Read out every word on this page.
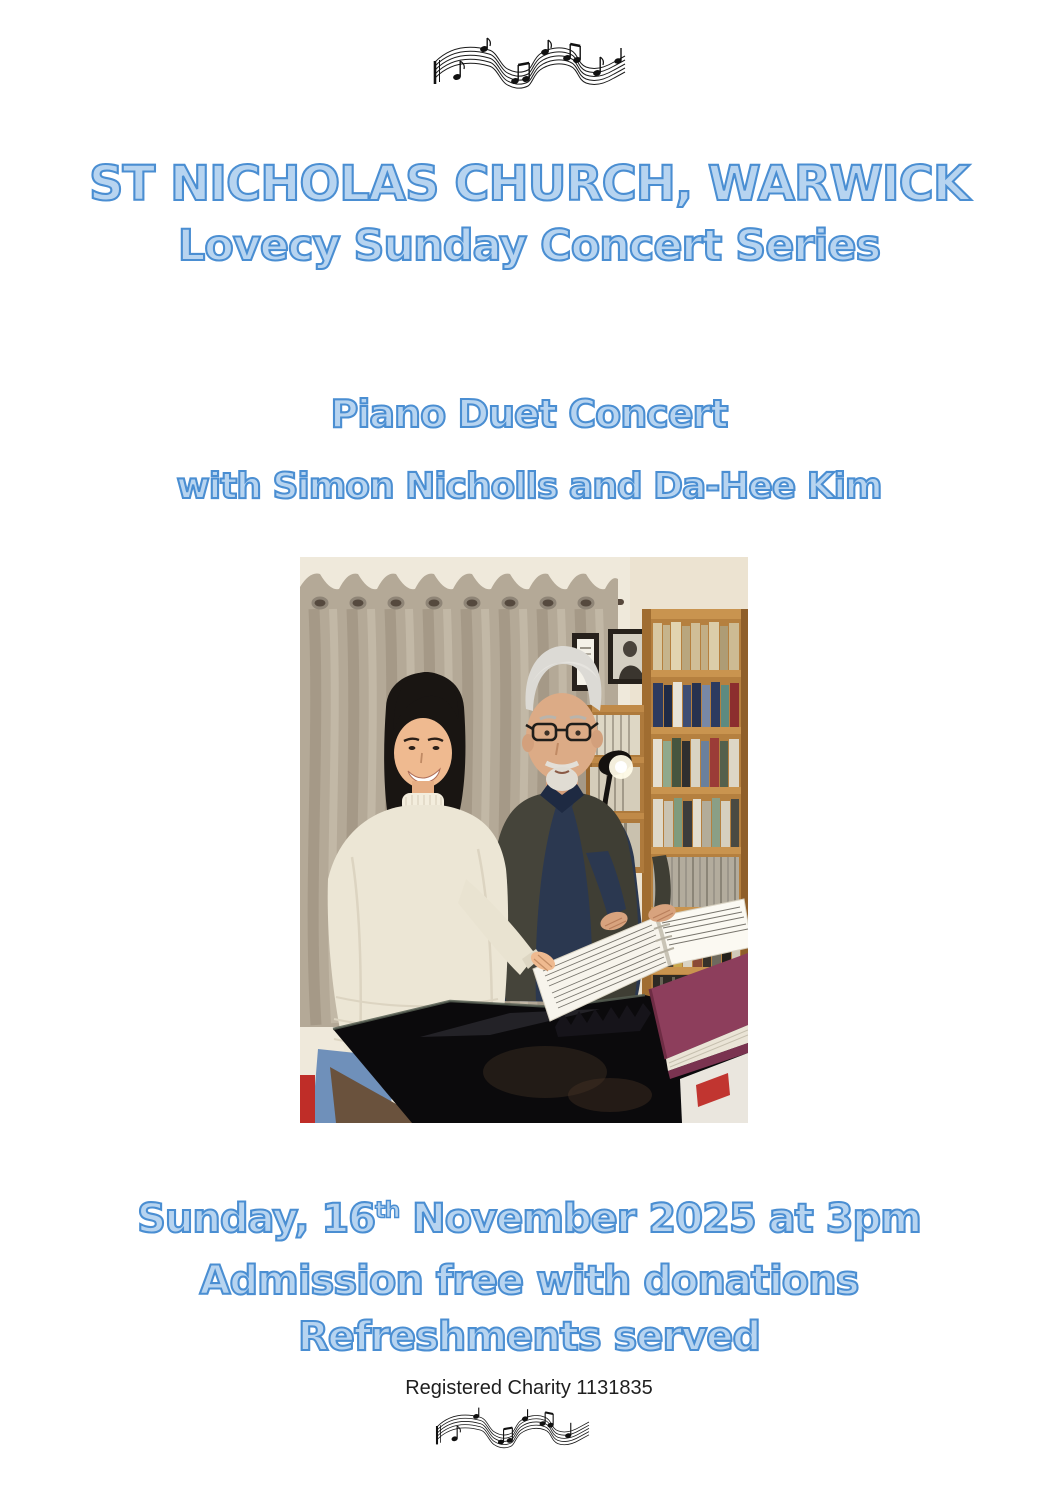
ST NICHOLAS CHURCH, WARWICK
Lovecy Sunday Concert Series
Piano Duet Concert
with Simon Nicholls and Da-Hee Kim
Sunday, 16th November 2025 at 3pm
Admission free with donations
Refreshments served
Registered Charity 1131835
